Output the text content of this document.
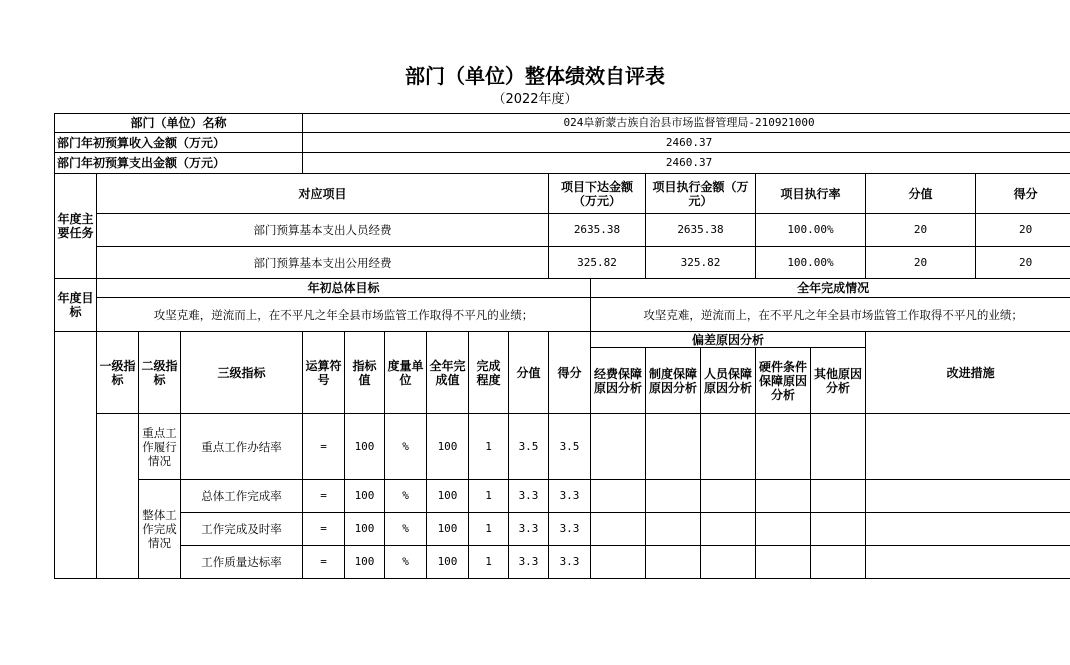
部门（单位）整体绩效自评表
（2022年度）
部门（单位）名称				024阜新蒙古族自治县市场监督管理局-210921000													
部门年初预算收入金额（万元）				2460.37													
部门年初预算支出金额（万元）				2460.37													
年度主要任务	对应项目									项目下达金额（万元）		项目执行金额（万元）		项目执行率		分值	得分
	部门预算基本支出人员经费									2635.38		2635.38		100.00%		20	20
	部门预算基本支出公用经费									325.82		325.82		100.00%		20	20
年度目标	年初总体目标										全年完成情况						
	攻坚克难，逆流而上，在不平凡之年全县市场监管工作取得不平凡的业绩；										攻坚克难，逆流而上，在不平凡之年全县市场监管工作取得不平凡的业绩；						
	一级指标	二级指标	三级指标	运算符号	指标值	度量单位	全年完成值	完成程度	分值	得分	偏差原因分析					改进措施	
											经费保障原因分析	制度保障原因分析	人员保障原因分析	硬件条件保障原因分析	其他原因分析		
		重点工作履行情况	重点工作办结率	=	100	%	100	1	3.5	3.5							
		整体工作完成情况	总体工作完成率	=	100	%	100	1	3.3	3.3							
			工作完成及时率	=	100	%	100	1	3.3	3.3							
			工作质量达标率	=	100	%	100	1	3.3	3.3							
